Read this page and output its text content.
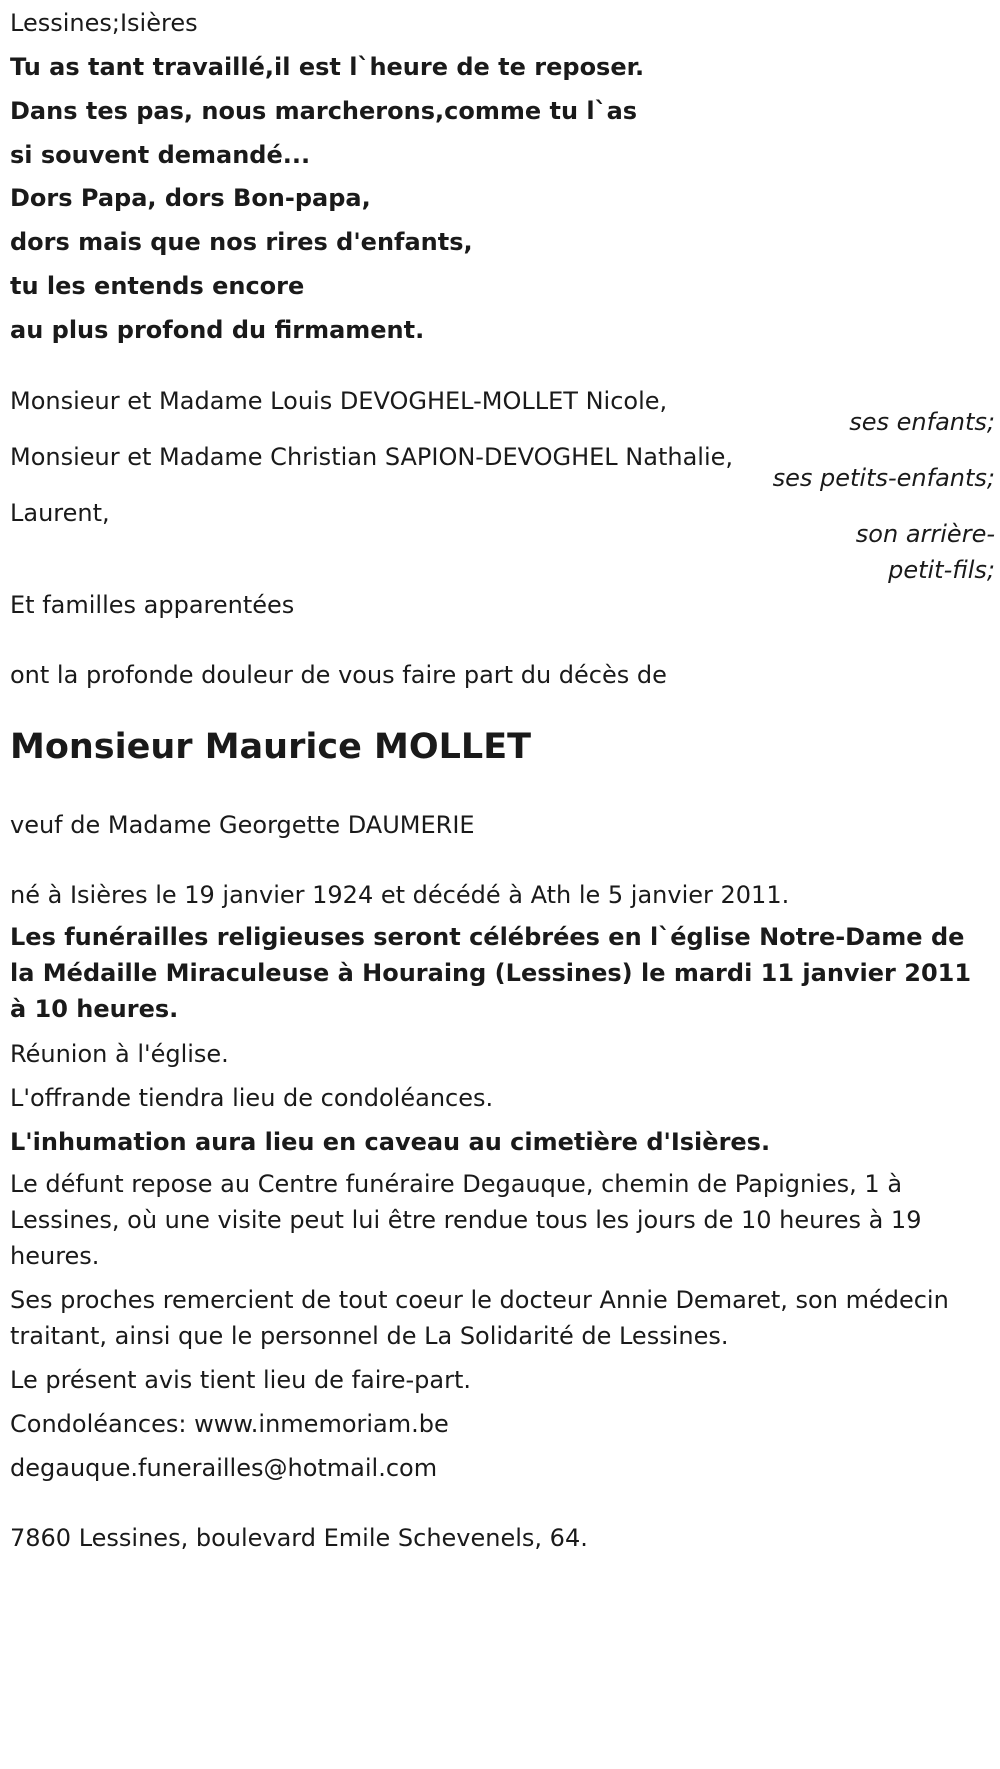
Lessines;Isières
Tu as tant travaillé,il est l`heure de te reposer.
Dans tes pas, nous marcherons,comme tu l`as
si souvent demandé...
Dors Papa, dors Bon-papa,
dors mais que nos rires d'enfants,
tu les entends encore
au plus profond du firmament.
Monsieur et Madame Louis DEVOGHEL-MOLLET Nicole,
ses enfants;
Monsieur et Madame Christian SAPION-DEVOGHEL Nathalie,
ses petits-enfants;
Laurent,
son arrière-
petit-fils;
Et familles apparentées
ont la profonde douleur de vous faire part du décès de
Monsieur Maurice MOLLET
veuf de Madame Georgette DAUMERIE
né à Isières le 19 janvier 1924 et décédé à Ath le 5 janvier 2011.
Les funérailles religieuses seront célébrées en l`église Notre-Dame de la Médaille Miraculeuse à Houraing (Lessines) le mardi 11 janvier 2011 à 10 heures.
Réunion à l'église.
L'offrande tiendra lieu de condoléances.
L'inhumation aura lieu en caveau au cimetière d'Isières.
Le défunt repose au Centre funéraire Degauque, chemin de Papignies, 1 à Lessines, où une visite peut lui être rendue tous les jours de 10 heures à 19 heures.
Ses proches remercient de tout coeur le docteur Annie Demaret, son médecin traitant, ainsi que le personnel de La Solidarité de Lessines.
Le présent avis tient lieu de faire-part.
Condoléances: www.inmemoriam.be
degauque.funerailles@hotmail.com
7860 Lessines, boulevard Emile Schevenels, 64.
